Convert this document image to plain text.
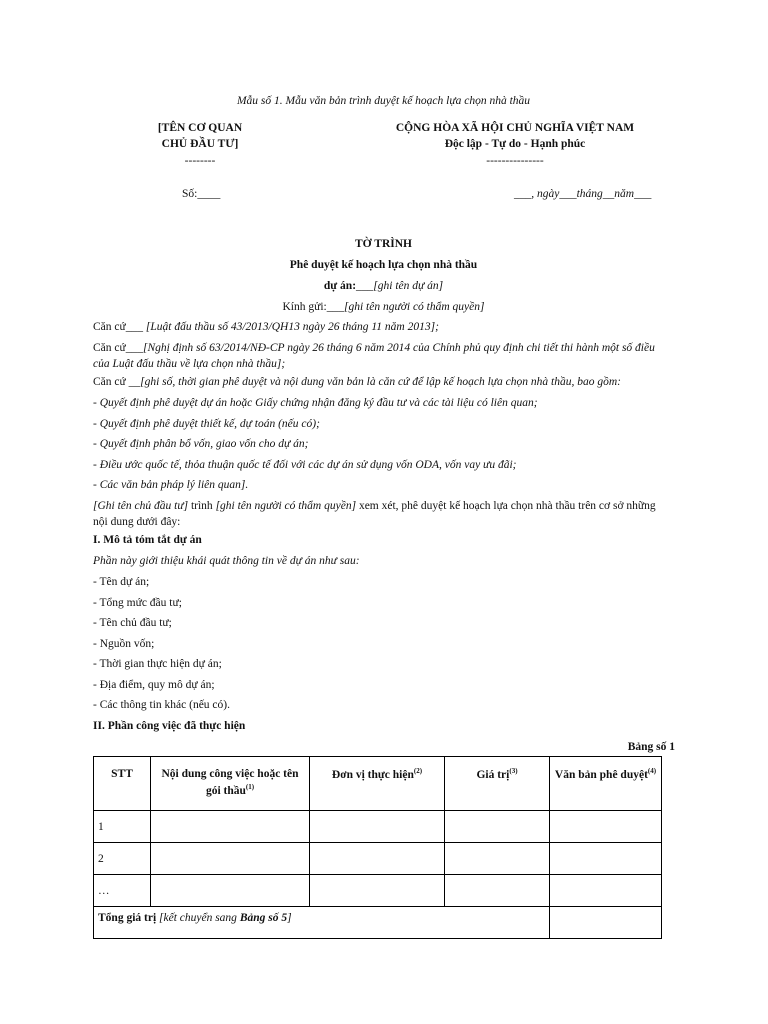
Mẫu số 1. Mẫu văn bản trình duyệt kế hoạch lựa chọn nhà thầu
[TÊN CƠ QUAN
CHỦ ĐẦU TƯ]
--------
CỘNG HÒA XÃ HỘI CHỦ NGHĨA VIỆT NAM
Độc lập - Tự do - Hạnh phúc
---------------
Số:____	___, ngày___tháng__năm___
TỜ TRÌNH
Phê duyệt kế hoạch lựa chọn nhà thầu
dự án:___[ghi tên dự án]
Kính gửi:___[ghi tên người có thẩm quyền]

Căn cứ___ [Luật đấu thầu số 43/2013/QH13 ngày 26 tháng 11 năm 2013];

Căn cứ___[Nghị định số 63/2014/NĐ-CP ngày 26 tháng 6 năm 2014 của Chính phủ quy định chi tiết thi hành một số điều của Luật đấu thầu về lựa chọn nhà thầu];

Căn cứ __[ghi số, thời gian phê duyệt và nội dung văn bản là căn cứ để lập kế hoạch lựa chọn nhà thầu, bao gồm:

- Quyết định phê duyệt dự án hoặc Giấy chứng nhận đăng ký đầu tư và các tài liệu có liên quan;

- Quyết định phê duyệt thiết kế, dự toán (nếu có);

- Quyết định phân bổ vốn, giao vốn cho dự án;

- Điều ước quốc tế, thỏa thuận quốc tế đối với các dự án sử dụng vốn ODA, vốn vay ưu đãi;

- Các văn bản pháp lý liên quan].

[Ghi tên chủ đầu tư] trình [ghi tên người có thẩm quyền] xem xét, phê duyệt kế hoạch lựa chọn nhà thầu trên cơ sở những nội dung dưới đây:

I. Mô tả tóm tắt dự án

Phần này giới thiệu khái quát thông tin về dự án như sau:

- Tên dự án;

- Tổng mức đầu tư;

- Tên chủ đầu tư;

- Nguồn vốn;

- Thời gian thực hiện dự án;

- Địa điểm, quy mô dự án;

- Các thông tin khác (nếu có).

II. Phần công việc đã thực hiện

Bảng số 1
STT	Nội dung công việc hoặc tên gói thầu$^{(1)}$	Đơn vị thực hiện$^{(2)}$	Giá trị$^{(3)}$	Văn bản phê duyệt$^{(4)}$
1				
2				
…				
Tổng giá trị [kết chuyển sang Bảng số 5]				
